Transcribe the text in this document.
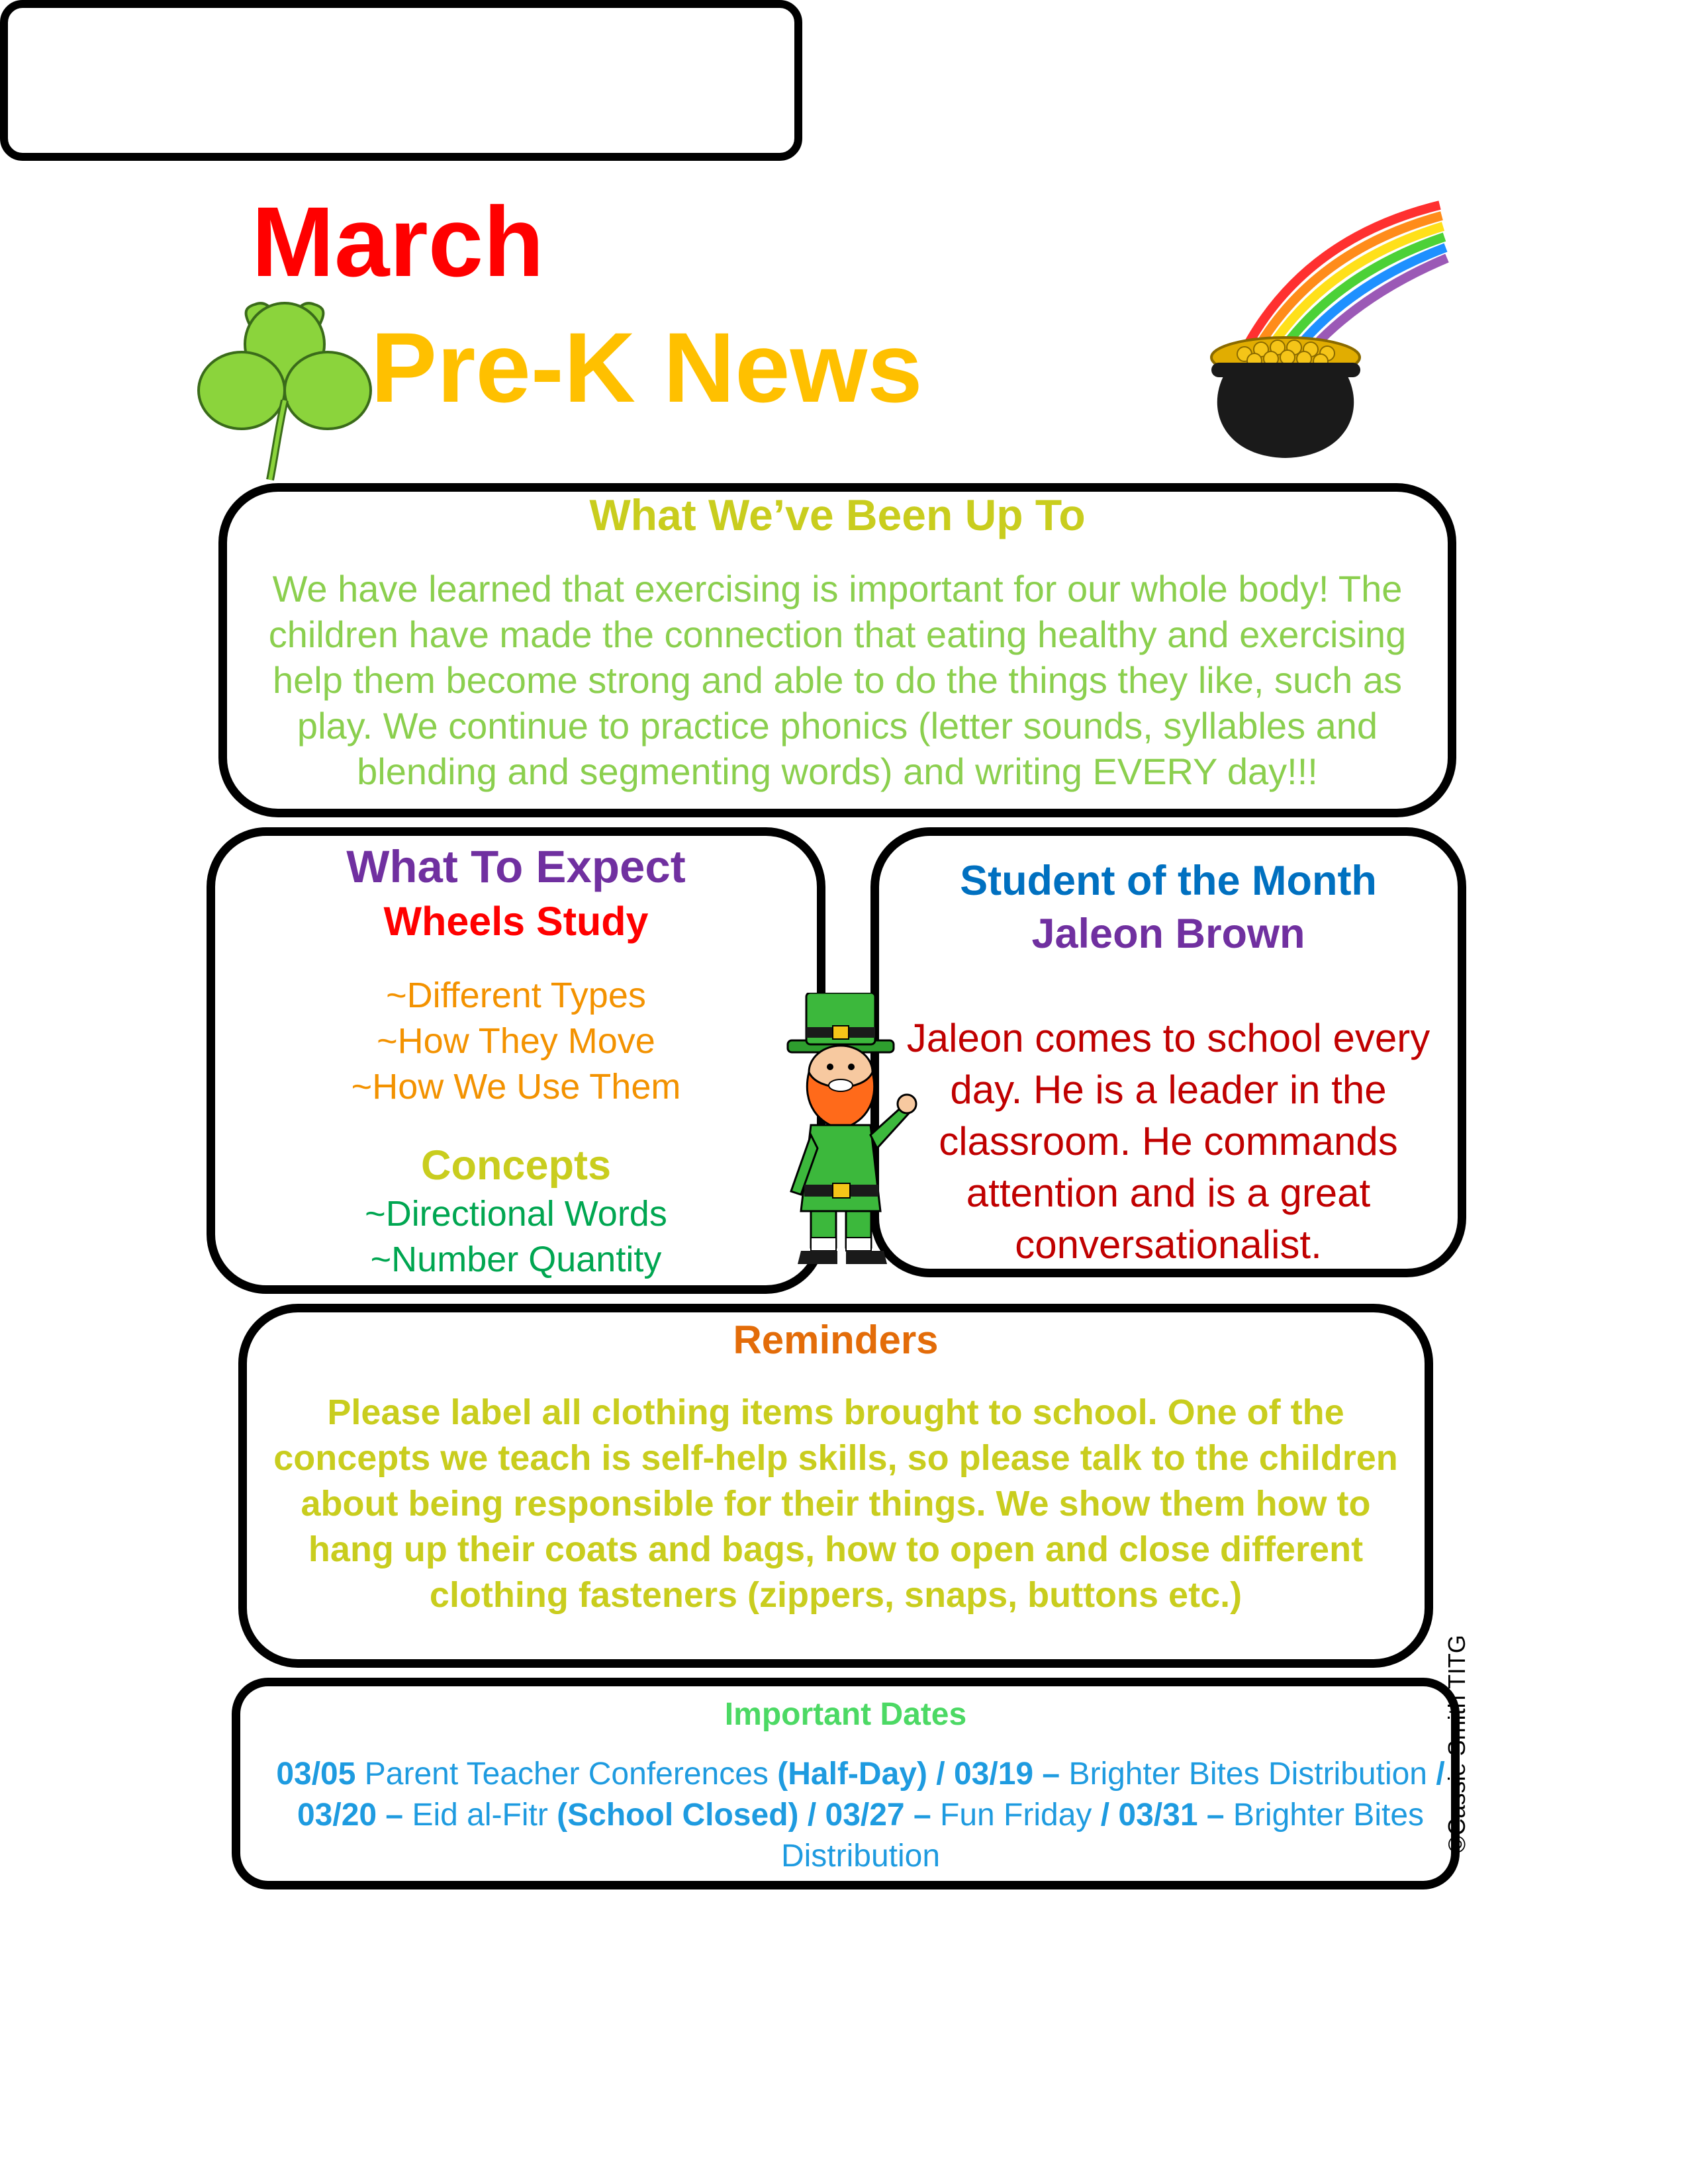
March
Pre-K News
What We’ve Been Up To
We have learned that exercising is important for our whole body! The children have made the connection that eating healthy and exercising help them become strong and able to do the things they like, such as play. We continue to practice phonics (letter sounds, syllables and blending and segmenting words) and writing EVERY day!!!
What To Expect
Wheels Study
~Different Types
~How They Move
~How We Use Them
Concepts
~Directional Words
~Number Quantity
Student of the Month
Jaleon Brown
Jaleon comes to school every day. He is a leader in the classroom. He commands attention and is a great conversationalist.
Reminders
Please label all clothing items brought to school. One of the concepts we teach is self-help skills, so please talk to the children about being responsible for their things. We show them how to hang up their coats and bags, how to open and close different clothing fasteners (zippers, snaps, buttons etc.)
Important Dates
03/05 Parent Teacher Conferences (Half-Day) / 03/19 – Brighter Bites Distribution / 03/20 – Eid al-Fitr (School Closed) / 03/27 – Fun Friday / 03/31 – Brighter Bites Distribution
©Cassie Smith TITG
